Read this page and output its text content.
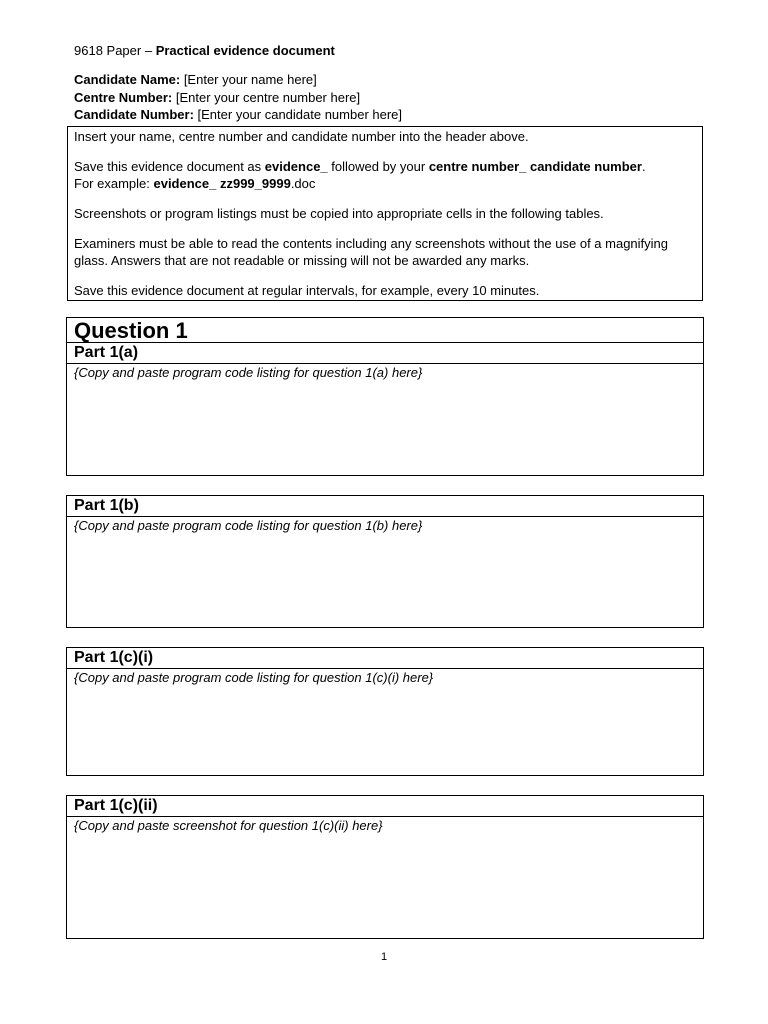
9618 Paper – Practical evidence document
Candidate Name: [Enter your name here]
Centre Number: [Enter your centre number here]
Candidate Number: [Enter your candidate number here]

Insert your name, centre number and candidate number into the header above.

Save this evidence document as evidence_ followed by your centre number_ candidate number.
For example: evidence_ zz999_9999.doc

Screenshots or program listings must be copied into appropriate cells in the following tables.

Examiners must be able to read the contents including any screenshots without the use of a magnifying glass. Answers that are not readable or missing will not be awarded any marks.

Save this evidence document at regular intervals, for example, every 10 minutes.

Question 1
Part 1(a)
{Copy and paste program code listing for question 1(a) here}
Part 1(b)
{Copy and paste program code listing for question 1(b) here}
Part 1(c)(i)
{Copy and paste program code listing for question 1(c)(i) here}
Part 1(c)(ii)
{Copy and paste screenshot for question 1(c)(ii) here}
1
